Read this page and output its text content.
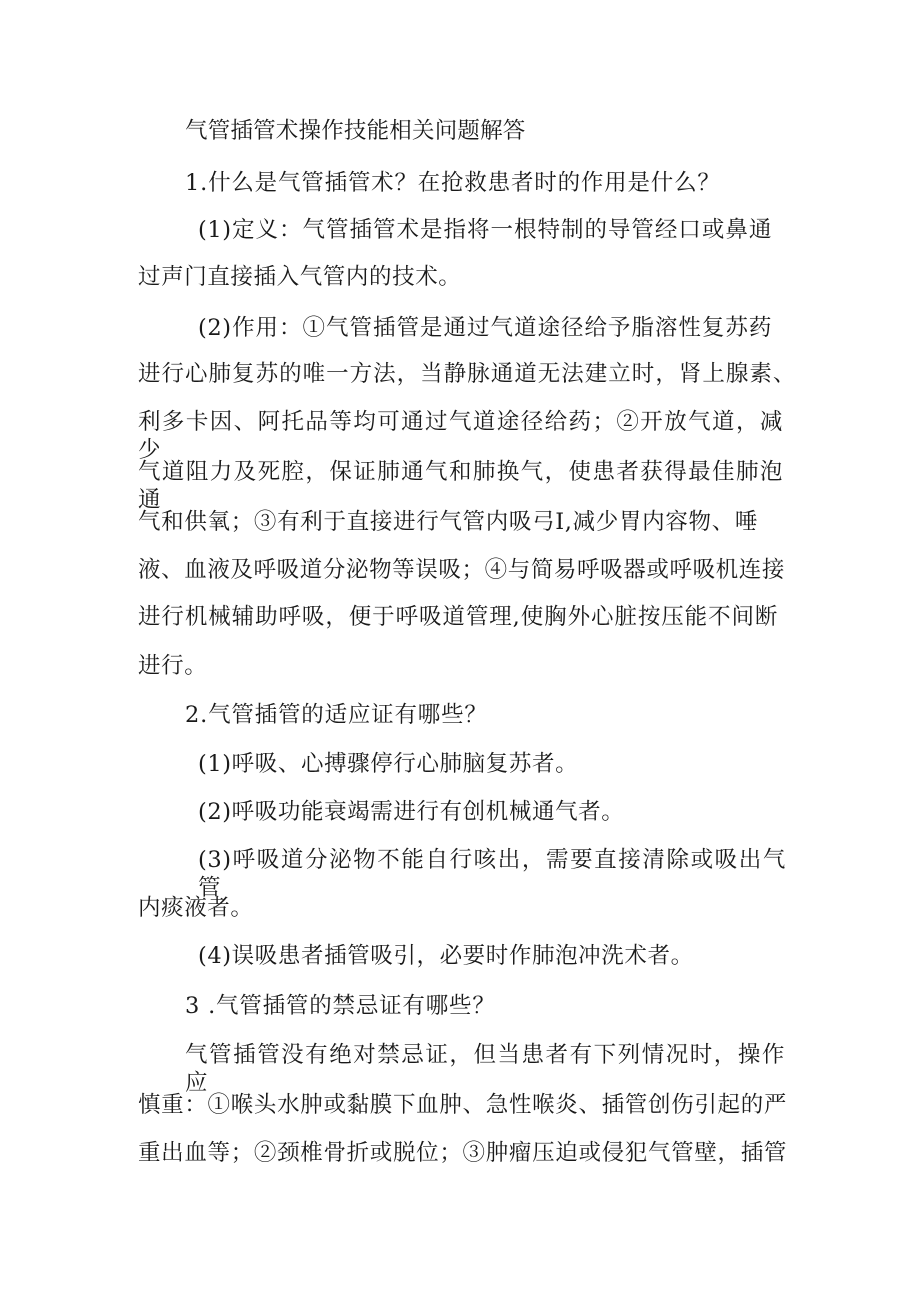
气管插管术操作技能相关问题解答

1.什么是气管插管术？在抢救患者时的作用是什么？

(1)定义：气管插管术是指将一根特制的导管经口或鼻通

过声门直接插入气管内的技术。

(2)作用：①气管插管是通过气道途径给予脂溶性复苏药

进行心肺复苏的唯一方法，当静脉通道无法建立时，肾上腺素、

利多卡因、阿托品等均可通过气道途径给药；②开放气道，减少

气道阻力及死腔，保证肺通气和肺换气，使患者获得最佳肺泡通

气和供氧；③有利于直接进行气管内吸弓I,减少胃内容物、唾

液、血液及呼吸道分泌物等误吸；④与简易呼吸器或呼吸机连接

进行机械辅助呼吸，便于呼吸道管理,使胸外心脏按压能不间断

进行。

2.气管插管的适应证有哪些？

(1)呼吸、心搏骤停行心肺脑复苏者。

(2)呼吸功能衰竭需进行有创机械通气者。

(3)呼吸道分泌物不能自行咳出，需要直接清除或吸出气管

内痰液者。

(4)误吸患者插管吸引，必要时作肺泡冲洗术者。

3 .气管插管的禁忌证有哪些？

气管插管没有绝对禁忌证，但当患者有下列情况时，操作应

慎重：①喉头水肿或黏膜下血肿、急性喉炎、插管创伤引起的严

重出血等；②颈椎骨折或脱位；③肿瘤压迫或侵犯气管壁，插管
